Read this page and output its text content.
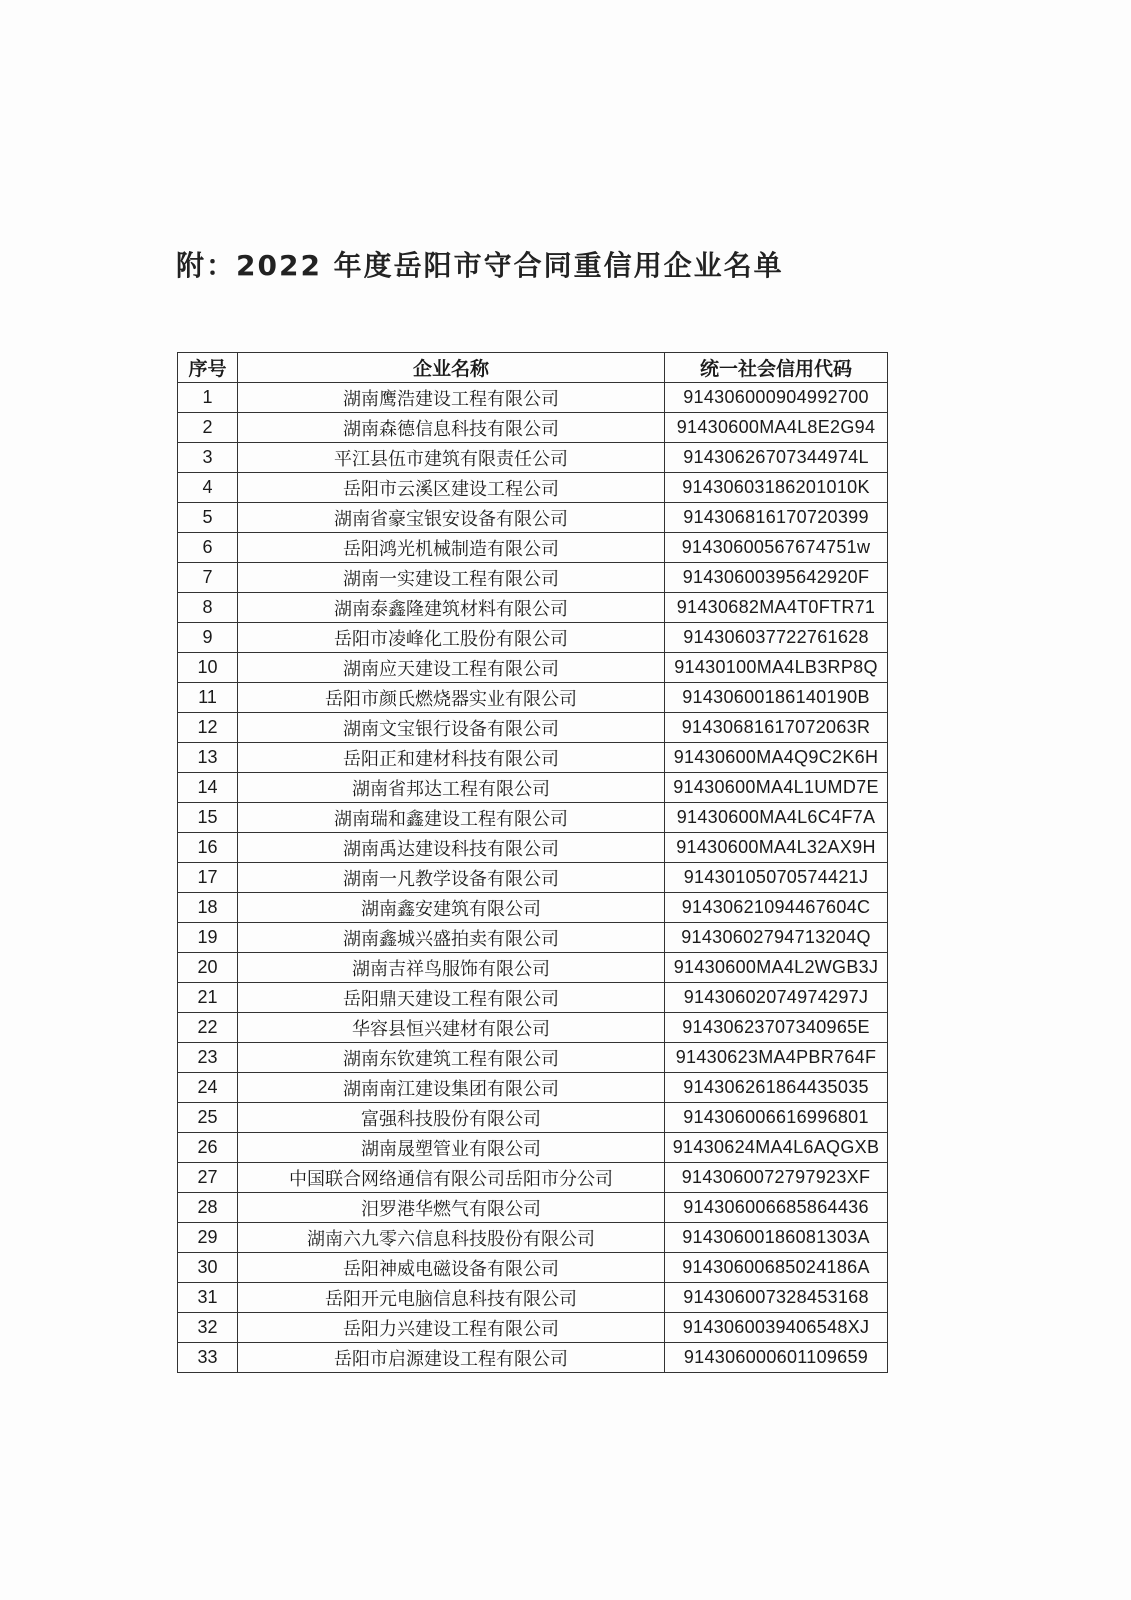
附：2022 年度岳阳市守合同重信用企业名单
序号	企业名称	统一社会信用代码
1	湖南鹰浩建设工程有限公司	914306000904992700
2	湖南森德信息科技有限公司	91430600MA4L8E2G94
3	平江县伍市建筑有限责任公司	91430626707344974L
4	岳阳市云溪区建设工程公司	91430603186201010K
5	湖南省豪宝银安设备有限公司	914306816170720399
6	岳阳鸿光机械制造有限公司	91430600567674751w
7	湖南一实建设工程有限公司	91430600395642920F
8	湖南泰鑫隆建筑材料有限公司	91430682MA4T0FTR71
9	岳阳市凌峰化工股份有限公司	914306037722761628
10	湖南应天建设工程有限公司	91430100MA4LB3RP8Q
11	岳阳市颜氏燃烧器实业有限公司	91430600186140190B
12	湖南文宝银行设备有限公司	91430681617072063R
13	岳阳正和建材科技有限公司	91430600MA4Q9C2K6H
14	湖南省邦达工程有限公司	91430600MA4L1UMD7E
15	湖南瑞和鑫建设工程有限公司	91430600MA4L6C4F7A
16	湖南禹达建设科技有限公司	91430600MA4L32AX9H
17	湖南一凡教学设备有限公司	91430105070574421J
18	湖南鑫安建筑有限公司	91430621094467604C
19	湖南鑫城兴盛拍卖有限公司	91430602794713204Q
20	湖南吉祥鸟服饰有限公司	91430600MA4L2WGB3J
21	岳阳鼎天建设工程有限公司	91430602074974297J
22	华容县恒兴建材有限公司	91430623707340965E
23	湖南东钦建筑工程有限公司	91430623MA4PBR764F
24	湖南南江建设集团有限公司	914306261864435035
25	富强科技股份有限公司	914306006616996801
26	湖南晟塑管业有限公司	91430624MA4L6AQGXB
27	中国联合网络通信有限公司岳阳市分公司	9143060072797923XF
28	汨罗港华燃气有限公司	914306006685864436
29	湖南六九零六信息科技股份有限公司	91430600186081303A
30	岳阳神威电磁设备有限公司	91430600685024186A
31	岳阳开元电脑信息科技有限公司	914306007328453168
32	岳阳力兴建设工程有限公司	9143060039406548XJ
33	岳阳市启源建设工程有限公司	914306000601109659
